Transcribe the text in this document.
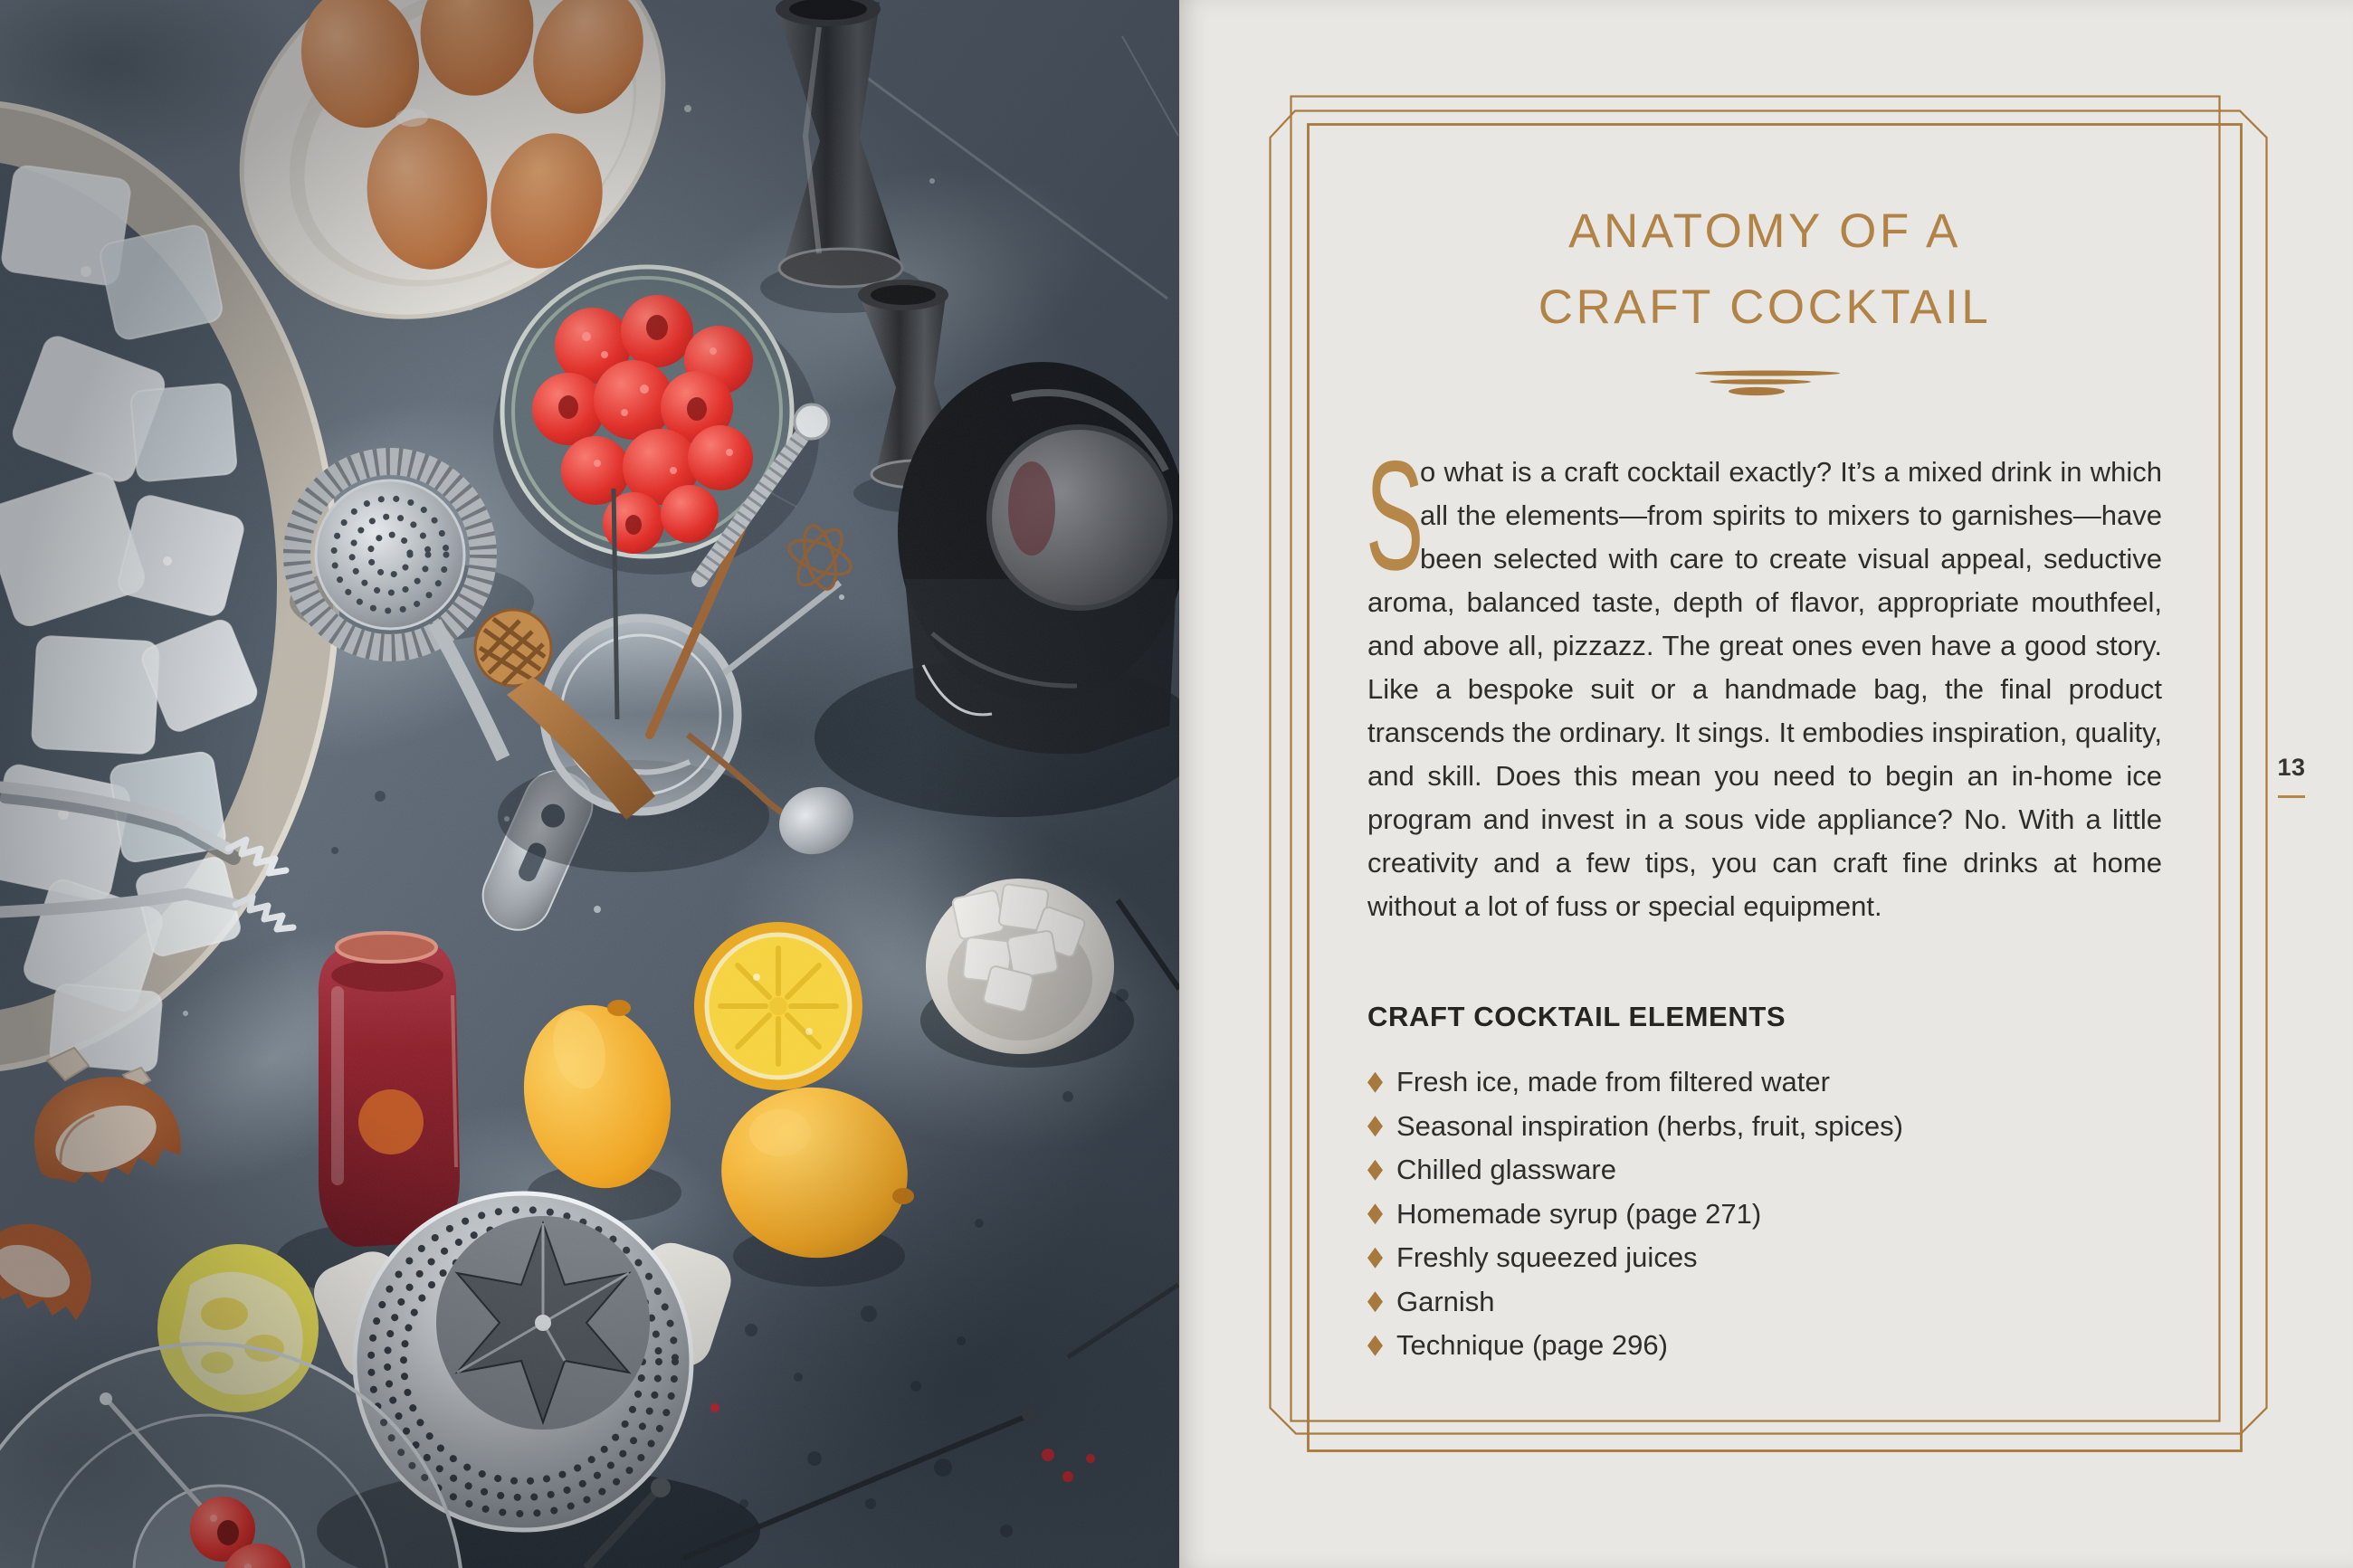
ANATOMY OF A
CRAFT COCKTAIL

S
o what is a craft cocktail exactly? It’s a mixed drink in which all the elements—from spirits to mixers to garnishes—have been selected with care to create visual appeal, seductive aroma, balanced taste, depth of flavor, appropriate mouthfeel, and above all, pizzazz. The great ones even have a good story. Like a bespoke suit or a handmade bag, the final product transcends the ordinary. It sings. It embodies inspiration, quality, and skill. Does this mean you need to begin an in-home ice program and invest in a sous vide appliance? No. With a little creativity and a few tips, you can craft fine drinks at home without a lot of fuss or special equipment.

CRAFT COCKTAIL ELEMENTS
Fresh ice, made from filtered water
Seasonal inspiration (herbs, fruit, spices)
Chilled glassware
Homemade syrup (page 271)
Freshly squeezed juices
Garnish
Technique (page 296)
13
